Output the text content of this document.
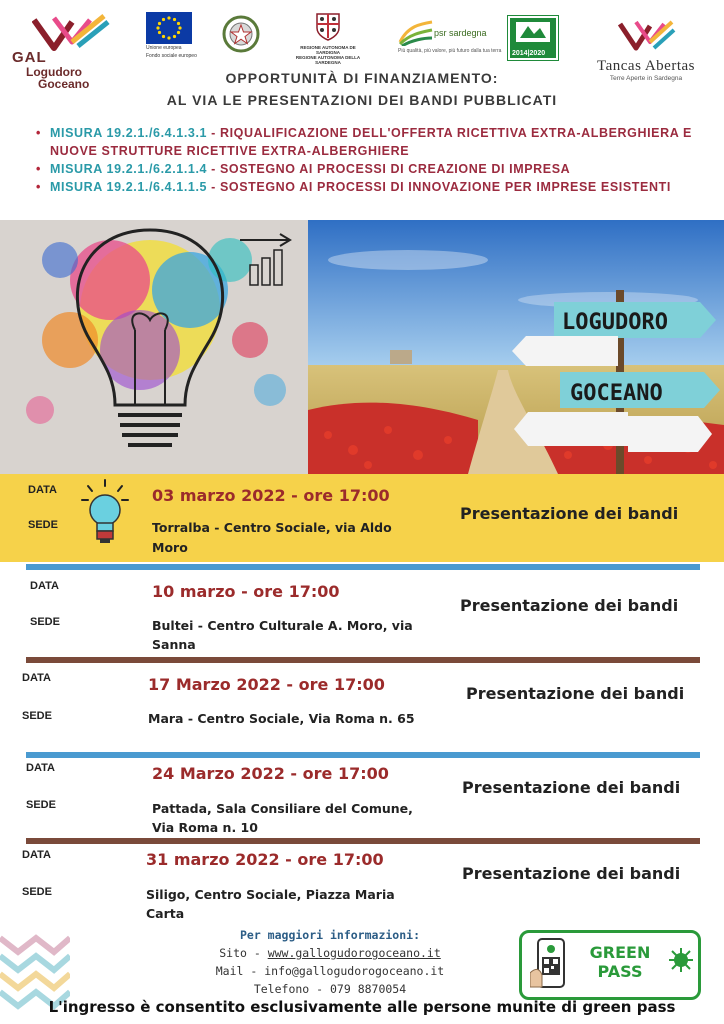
GAL
Logudoro
Goceano
Unione europea
Fondo sociale europeo
REGIONE AUTONOMA DE SARDIGNA
REGIONE AUTONOMA DELLA SARDEGNA
psr sardegna
Più qualità, più valore, più futuro dalla tua terra 2014|2020
Tancas Abertas
Terre Aperte in Sardegna
OPPORTUNITÀ DI FINANZIAMENTO:
AL VIA LE PRESENTAZIONI DEI BANDI PUBBLICATI
• MISURA 19.2.1./6.4.1.3.1 - RIQUALIFICAZIONE DELL'OFFERTA RICETTIVA EXTRA-ALBERGHIERA E NUOVE STRUTTURE RICETTIVE EXTRA-ALBERGHIERE
• MISURA 19.2.1./6.2.1.1.4 - SOSTEGNO AI PROCESSI DI CREAZIONE DI IMPRESA
• MISURA 19.2.1./6.4.1.1.5 - SOSTEGNO AI PROCESSI DI INNOVAZIONE PER IMPRESE ESISTENTI
LOGUDORO
GOCEANO
DATA
SEDE
03 marzo 2022 - ore 17:00
Torralba - Centro Sociale, via Aldo
Moro
Presentazione dei bandi
DATA
SEDE
10 marzo - ore 17:00
Bultei - Centro Culturale A. Moro, via
Sanna
Presentazione dei bandi
DATA
SEDE
17 Marzo 2022 - ore 17:00
Mara - Centro Sociale, Via Roma n. 65
Presentazione dei bandi
DATA
SEDE
24 Marzo 2022 - ore 17:00
Pattada, Sala Consiliare del Comune,
Via Roma n. 10
Presentazione dei bandi
DATA
SEDE
31 marzo 2022 - ore 17:00
Siligo, Centro Sociale, Piazza Maria
Carta
Presentazione dei bandi
Per maggiori informazioni:
Sito - www.gallogudorogoceano.it
Mail - info@gallogudorogoceano.it
Telefono - 079 8870054
GREEN
PASS
L'ingresso è consentito esclusivamente alle persone munite di green pass
